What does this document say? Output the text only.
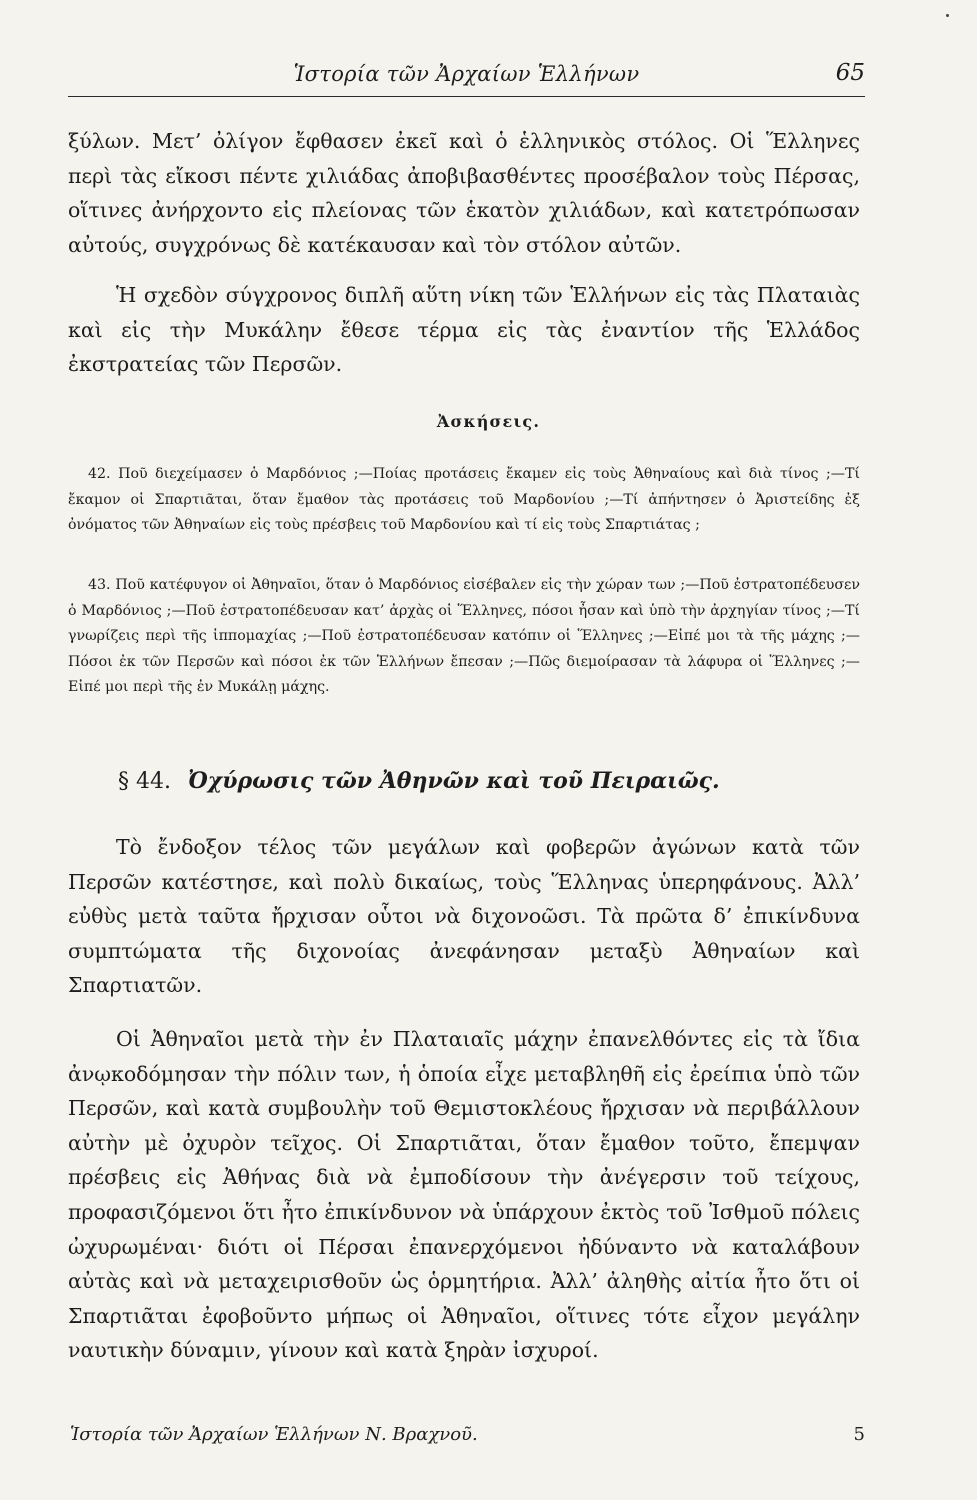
Ἱστορία τῶν Ἀρχαίων Ἑλλήνων	65

ξύλων. Μετ’ ὀλίγον ἔφθασεν ἐκεῖ καὶ ὁ ἑλληνικὸς στόλος. Οἱ Ἕλληνες περὶ τὰς εἴκοσι πέντε χιλιάδας ἀποβιβασθέντες προσέβαλον τοὺς Πέρσας, οἵτινες ἀνήρχοντο εἰς πλείονας τῶν ἑκατὸν χιλιάδων, καὶ κατετρόπωσαν αὐτούς, συγχρόνως δὲ κατέκαυσαν καὶ τὸν στόλον αὐτῶν.

Ἡ σχεδὸν σύγχρονος διπλῆ αὕτη νίκη τῶν Ἑλλήνων εἰς τὰς Πλαταιὰς καὶ εἰς τὴν Μυκάλην ἔθεσε τέρμα εἰς τὰς ἐναντίον τῆς Ἑλλάδος ἐκστρατείας τῶν Περσῶν.

Ἀσκήσεις.

42. Ποῦ διεχείμασεν ὁ Μαρδόνιος ;—Ποίας προτάσεις ἔκαμεν εἰς τοὺς Ἀθηναίους καὶ διὰ τίνος ;—Τί ἔκαμον οἱ Σπαρτιᾶται, ὅταν ἔμαθον τὰς προτάσεις τοῦ Μαρδονίου ;—Τί ἀπήντησεν ὁ Ἀριστείδης ἐξ ὀνόματος τῶν Ἀθηναίων εἰς τοὺς πρέσβεις τοῦ Μαρδονίου καὶ τί εἰς τοὺς Σπαρτιάτας ;

43. Ποῦ κατέφυγον οἱ Ἀθηναῖοι, ὅταν ὁ Μαρδόνιος εἰσέβαλεν εἰς τὴν χώραν των ;—Ποῦ ἐστρατοπέδευσεν ὁ Μαρδόνιος ;—Ποῦ ἐστρατοπέδευσαν κατ’ ἀρχὰς οἱ Ἕλληνες, πόσοι ἦσαν καὶ ὑπὸ τὴν ἀρχηγίαν τίνος ;—Τί γνωρίζεις περὶ τῆς ἱππομαχίας ;—Ποῦ ἐστρατοπέδευσαν κατόπιν οἱ Ἕλληνες ;—Εἰπέ μοι τὰ τῆς μάχης ;—Πόσοι ἐκ τῶν Περσῶν καὶ πόσοι ἐκ τῶν Ἑλλήνων ἔπεσαν ;—Πῶς διεμοίρασαν τὰ λάφυρα οἱ Ἕλληνες ;—Εἰπέ μοι περὶ τῆς ἐν Μυκάλῃ μάχης.

§ 44. Ὀχύρωσις τῶν Ἀθηνῶν καὶ τοῦ Πειραιῶς.

Τὸ ἔνδοξον τέλος τῶν μεγάλων καὶ φοβερῶν ἀγώνων κατὰ τῶν Περσῶν κατέστησε, καὶ πολὺ δικαίως, τοὺς Ἕλληνας ὑπερηφάνους. Ἀλλ’ εὐθὺς μετὰ ταῦτα ἤρχισαν οὗτοι νὰ διχονοῶσι. Τὰ πρῶτα δ’ ἐπικίνδυνα συμπτώματα τῆς διχονοίας ἀνεφάνησαν μεταξὺ Ἀθηναίων καὶ Σπαρτιατῶν.

Οἱ Ἀθηναῖοι μετὰ τὴν ἐν Πλαταιαῖς μάχην ἐπανελθόντες εἰς τὰ ἴδια ἀνῳκοδόμησαν τὴν πόλιν των, ἡ ὁποία εἶχε μεταβληθῆ εἰς ἐρείπια ὑπὸ τῶν Περσῶν, καὶ κατὰ συμβουλὴν τοῦ Θεμιστοκλέους ἤρχισαν νὰ περιβάλλουν αὐτὴν μὲ ὀχυρὸν τεῖχος. Οἱ Σπαρτιᾶται, ὅταν ἔμαθον τοῦτο, ἔπεμψαν πρέσβεις εἰς Ἀθήνας διὰ νὰ ἐμποδίσουν τὴν ἀνέγερσιν τοῦ τείχους, προφασιζόμενοι ὅτι ἦτο ἐπικίνδυνον νὰ ὑπάρχουν ἐκτὸς τοῦ Ἰσθμοῦ πόλεις ὠχυρωμέναι· διότι οἱ Πέρσαι ἐπανερχόμενοι ἠδύναντο νὰ καταλάβουν αὐτὰς καὶ νὰ μεταχειρισθοῦν ὡς ὁρμητήρια. Ἀλλ’ ἀληθὴς αἰτία ἦτο ὅτι οἱ Σπαρτιᾶται ἐφοβοῦντο μήπως οἱ Ἀθηναῖοι, οἵτινες τότε εἶχον μεγάλην ναυτικὴν δύναμιν, γίνουν καὶ κατὰ ξηρὰν ἰσχυροί.

Ἱστορία τῶν Ἀρχαίων Ἑλλήνων Ν. Βραχνοῦ.	5
